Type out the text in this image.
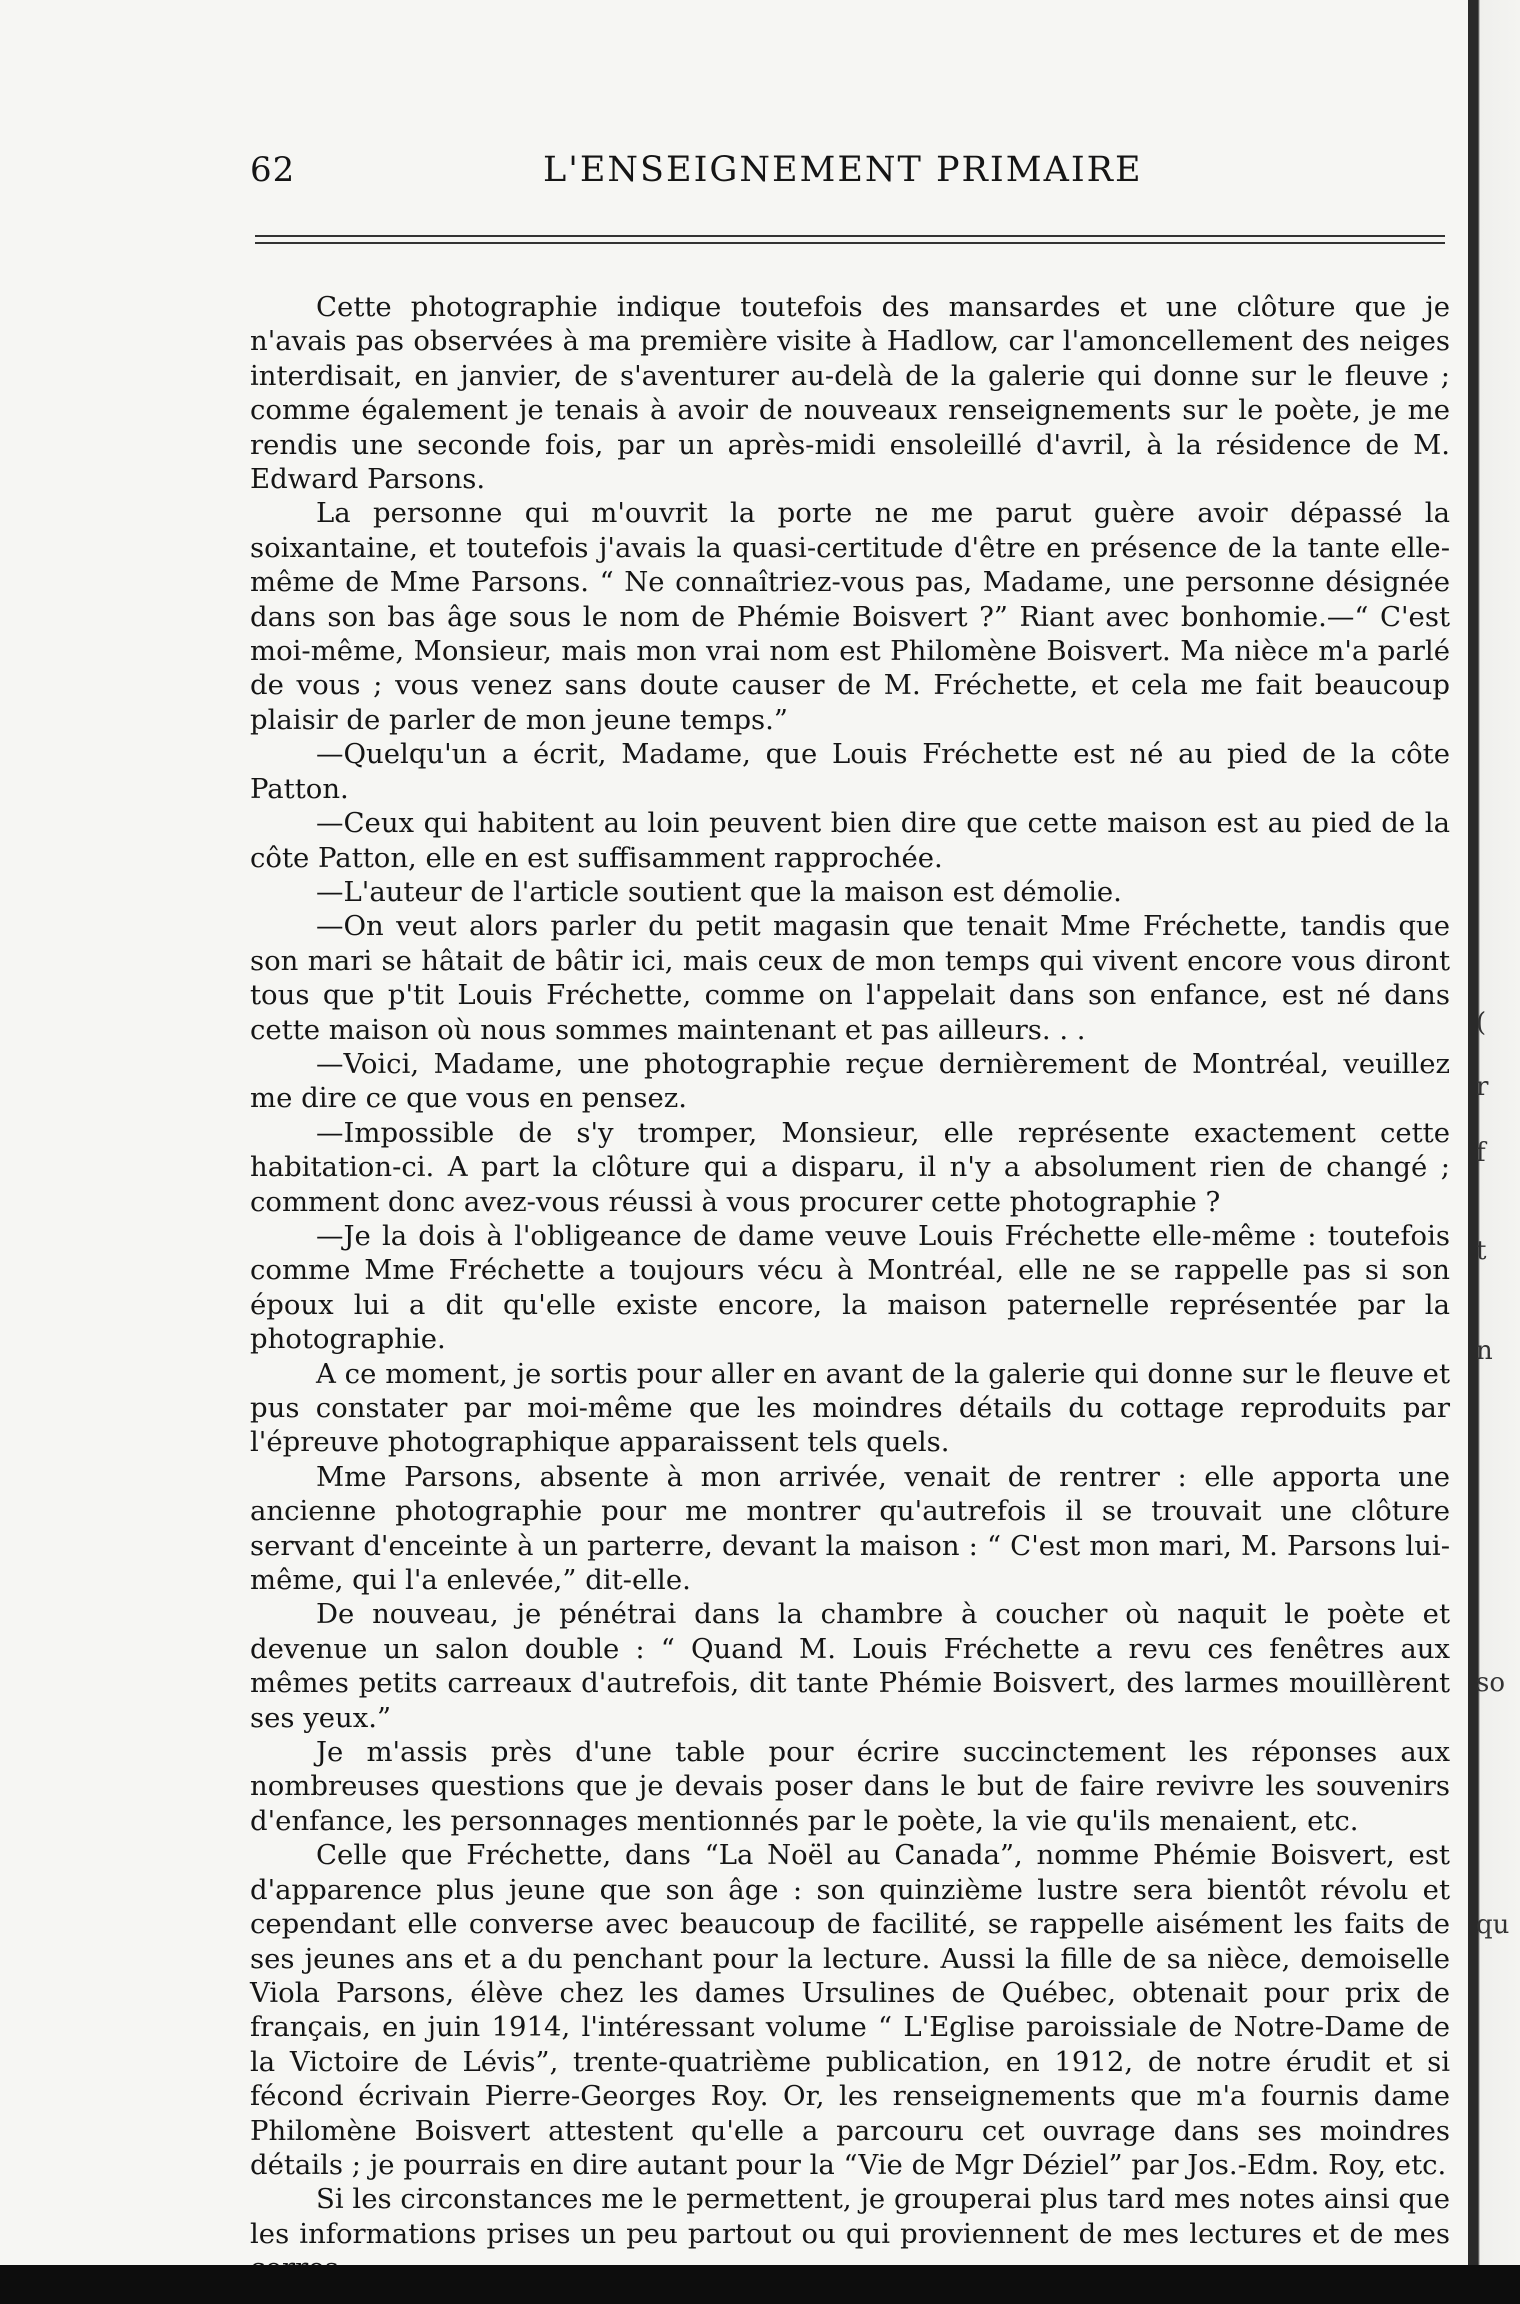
62	L'ENSEIGNEMENT PRIMAIRE

Cette photographie indique toutefois des mansardes et une clôture que je n'avais pas observées à ma première visite à Hadlow, car l'amoncellement des neiges interdisait, en janvier, de s'aventurer au-delà de la galerie qui donne sur le fleuve ; comme également je tenais à avoir de nouveaux renseignements sur le poète, je me rendis une seconde fois, par un après-midi ensoleillé d'avril, à la résidence de M. Edward Parsons.

La personne qui m'ouvrit la porte ne me parut guère avoir dépassé la soixantaine, et toutefois j'avais la quasi-certitude d'être en présence de la tante elle-même de Mme Parsons. “ Ne connaîtriez-vous pas, Madame, une personne désignée dans son bas âge sous le nom de Phémie Boisvert ?” Riant avec bonhomie.—“ C'est moi-même, Monsieur, mais mon vrai nom est Philomène Boisvert. Ma nièce m'a parlé de vous ; vous venez sans doute causer de M. Fréchette, et cela me fait beaucoup plaisir de parler de mon jeune temps.”

—Quelqu'un a écrit, Madame, que Louis Fréchette est né au pied de la côte Patton.

—Ceux qui habitent au loin peuvent bien dire que cette maison est au pied de la côte Patton, elle en est suffisamment rapprochée.

—L'auteur de l'article soutient que la maison est démolie.

—On veut alors parler du petit magasin que tenait Mme Fréchette, tandis que son mari se hâtait de bâtir ici, mais ceux de mon temps qui vivent encore vous diront tous que p'tit Louis Fréchette, comme on l'appelait dans son enfance, est né dans cette maison où nous sommes maintenant et pas ailleurs. . .

—Voici, Madame, une photographie reçue dernièrement de Montréal, veuillez me dire ce que vous en pensez.

—Impossible de s'y tromper, Monsieur, elle représente exactement cette habitation-ci. A part la clôture qui a disparu, il n'y a absolument rien de changé ; comment donc avez-vous réussi à vous procurer cette photographie ?

—Je la dois à l'obligeance de dame veuve Louis Fréchette elle-même : toutefois comme Mme Fréchette a toujours vécu à Montréal, elle ne se rappelle pas si son époux lui a dit qu'elle existe encore, la maison paternelle représentée par la photographie.

A ce moment, je sortis pour aller en avant de la galerie qui donne sur le fleuve et pus constater par moi-même que les moindres détails du cottage reproduits par l'épreuve photographique apparaissent tels quels.

Mme Parsons, absente à mon arrivée, venait de rentrer : elle apporta une ancienne photographie pour me montrer qu'autrefois il se trouvait une clôture servant d'enceinte à un parterre, devant la maison : “ C'est mon mari, M. Parsons lui-même, qui l'a enlevée,” dit-elle.

De nouveau, je pénétrai dans la chambre à coucher où naquit le poète et devenue un salon double : “ Quand M. Louis Fréchette a revu ces fenêtres aux mêmes petits carreaux d'autrefois, dit tante Phémie Boisvert, des larmes mouillèrent ses yeux.”

Je m'assis près d'une table pour écrire succinctement les réponses aux nombreuses questions que je devais poser dans le but de faire revivre les souvenirs d'enfance, les personnages mentionnés par le poète, la vie qu'ils menaient, etc.

Celle que Fréchette, dans “La Noël au Canada”, nomme Phémie Boisvert, est d'apparence plus jeune que son âge : son quinzième lustre sera bientôt révolu et cependant elle converse avec beaucoup de facilité, se rappelle aisément les faits de ses jeunes ans et a du penchant pour la lecture. Aussi la fille de sa nièce, demoiselle Viola Parsons, élève chez les dames Ursulines de Québec, obtenait pour prix de français, en juin 1914, l'intéressant volume “ L'Eglise paroissiale de Notre-Dame de la Victoire de Lévis”, trente-quatrième publication, en 1912, de notre érudit et si fécond écrivain Pierre-Georges Roy. Or, les renseignements que m'a fournis dame Philomène Boisvert attestent qu'elle a parcouru cet ouvrage dans ses moindres détails ; je pourrais en dire autant pour la “Vie de Mgr Déziel” par Jos.-Edm. Roy, etc.

Si les circonstances me le permettent, je grouperai plus tard mes notes ainsi que les informations prises un peu partout ou qui proviennent de mes lectures et de mes

(
r
f
t
n
so
qu
